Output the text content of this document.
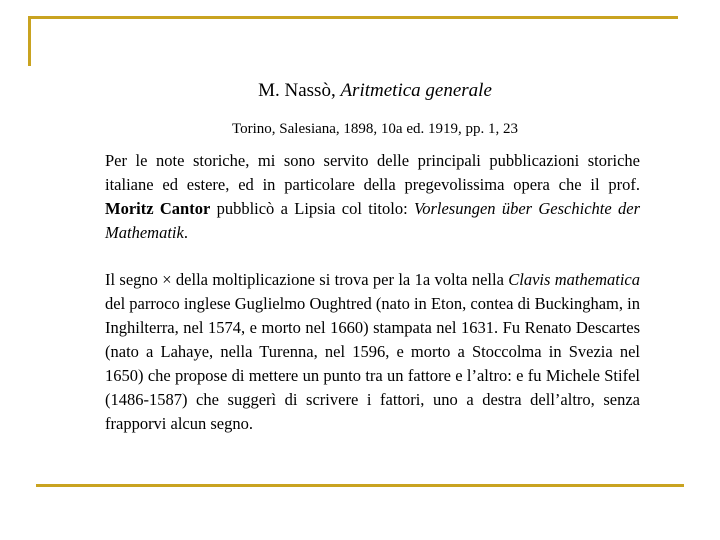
M. Nassò, Aritmetica generale
Torino, Salesiana, 1898, 10a ed. 1919, pp. 1, 23

Per le note storiche, mi sono servito delle principali pubblicazioni storiche italiane ed estere, ed in particolare della pregevolissima opera che il prof. Moritz Cantor pubblicò a Lipsia col titolo: Vorlesungen über Geschichte der Mathematik.

Il segno × della moltiplicazione si trova per la 1a volta nella Clavis mathematica del parroco inglese Guglielmo Oughtred (nato in Eton, contea di Buckingham, in Inghilterra, nel 1574, e morto nel 1660) stampata nel 1631. Fu Renato Descartes (nato a Lahaye, nella Turenna, nel 1596, e morto a Stoccolma in Svezia nel 1650) che propose di mettere un punto tra un fattore e l’altro: e fu Michele Stifel (1486-1587) che suggerì di scrivere i fattori, uno a destra dell’altro, senza frapporvi alcun segno.
